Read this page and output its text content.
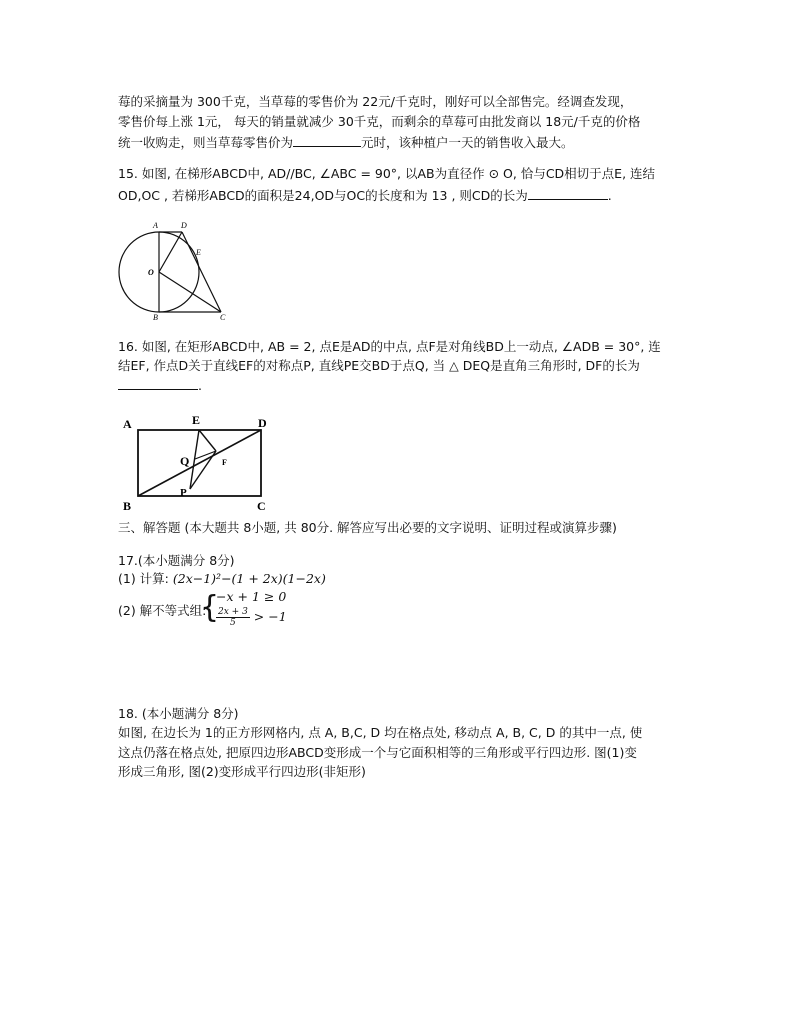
莓的采摘量为 300千克，当草莓的零售价为 22元/千克时，刚好可以全部售完。经调查发现，
零售价每上涨 1元， 每天的销量就减少 30千克，而剩余的草莓可由批发商以 18元/千克的价格
统一收购走，则当草莓零售价为	元时，该种植户一天的销售收入最大。
15. 如图, 在梯形ABCD中, AD//BC, ∠ABC = 90°, 以AB为直径作 ⊙ O, 恰与CD相切于点E, 连结
OD,OC , 若梯形ABCD的面积是24,OD与OC的长度和为 13 , 则CD的长为	.
A	D
E
O
B	C
16. 如图, 在矩形ABCD中, AB = 2, 点E是AD的中点, 点F是对角线BD上一动点, ∠ADB = 30°, 连
结EF, 作点D关于直线EF的对称点P, 直线PE交BD于点Q, 当 △ DEQ是直角三角形时, DF的长为
.
A	E	D
Q	F
P
B	C
三、解答题 (本大题共 8小题, 共 80分. 解答应写出必要的文字说明、证明过程或演算步骤)
17.(本小题满分 8分)
(1) 计算: (2x−1)²−(1 + 2x)(1−2x)
(2) 解不等式组:
{
−x + 1 ≥ 0
$\frac{2x + 3}{5} > -1$
18. (本小题满分 8分)
如图, 在边长为 1的正方形网格内, 点 A, B,C, D 均在格点处, 移动点 A, B, C, D 的其中一点, 使
这点仍落在格点处, 把原四边形ABCD变形成一个与它面积相等的三角形或平行四边形. 图(1)变
形成三角形, 图(2)变形成平行四边形(非矩形)
